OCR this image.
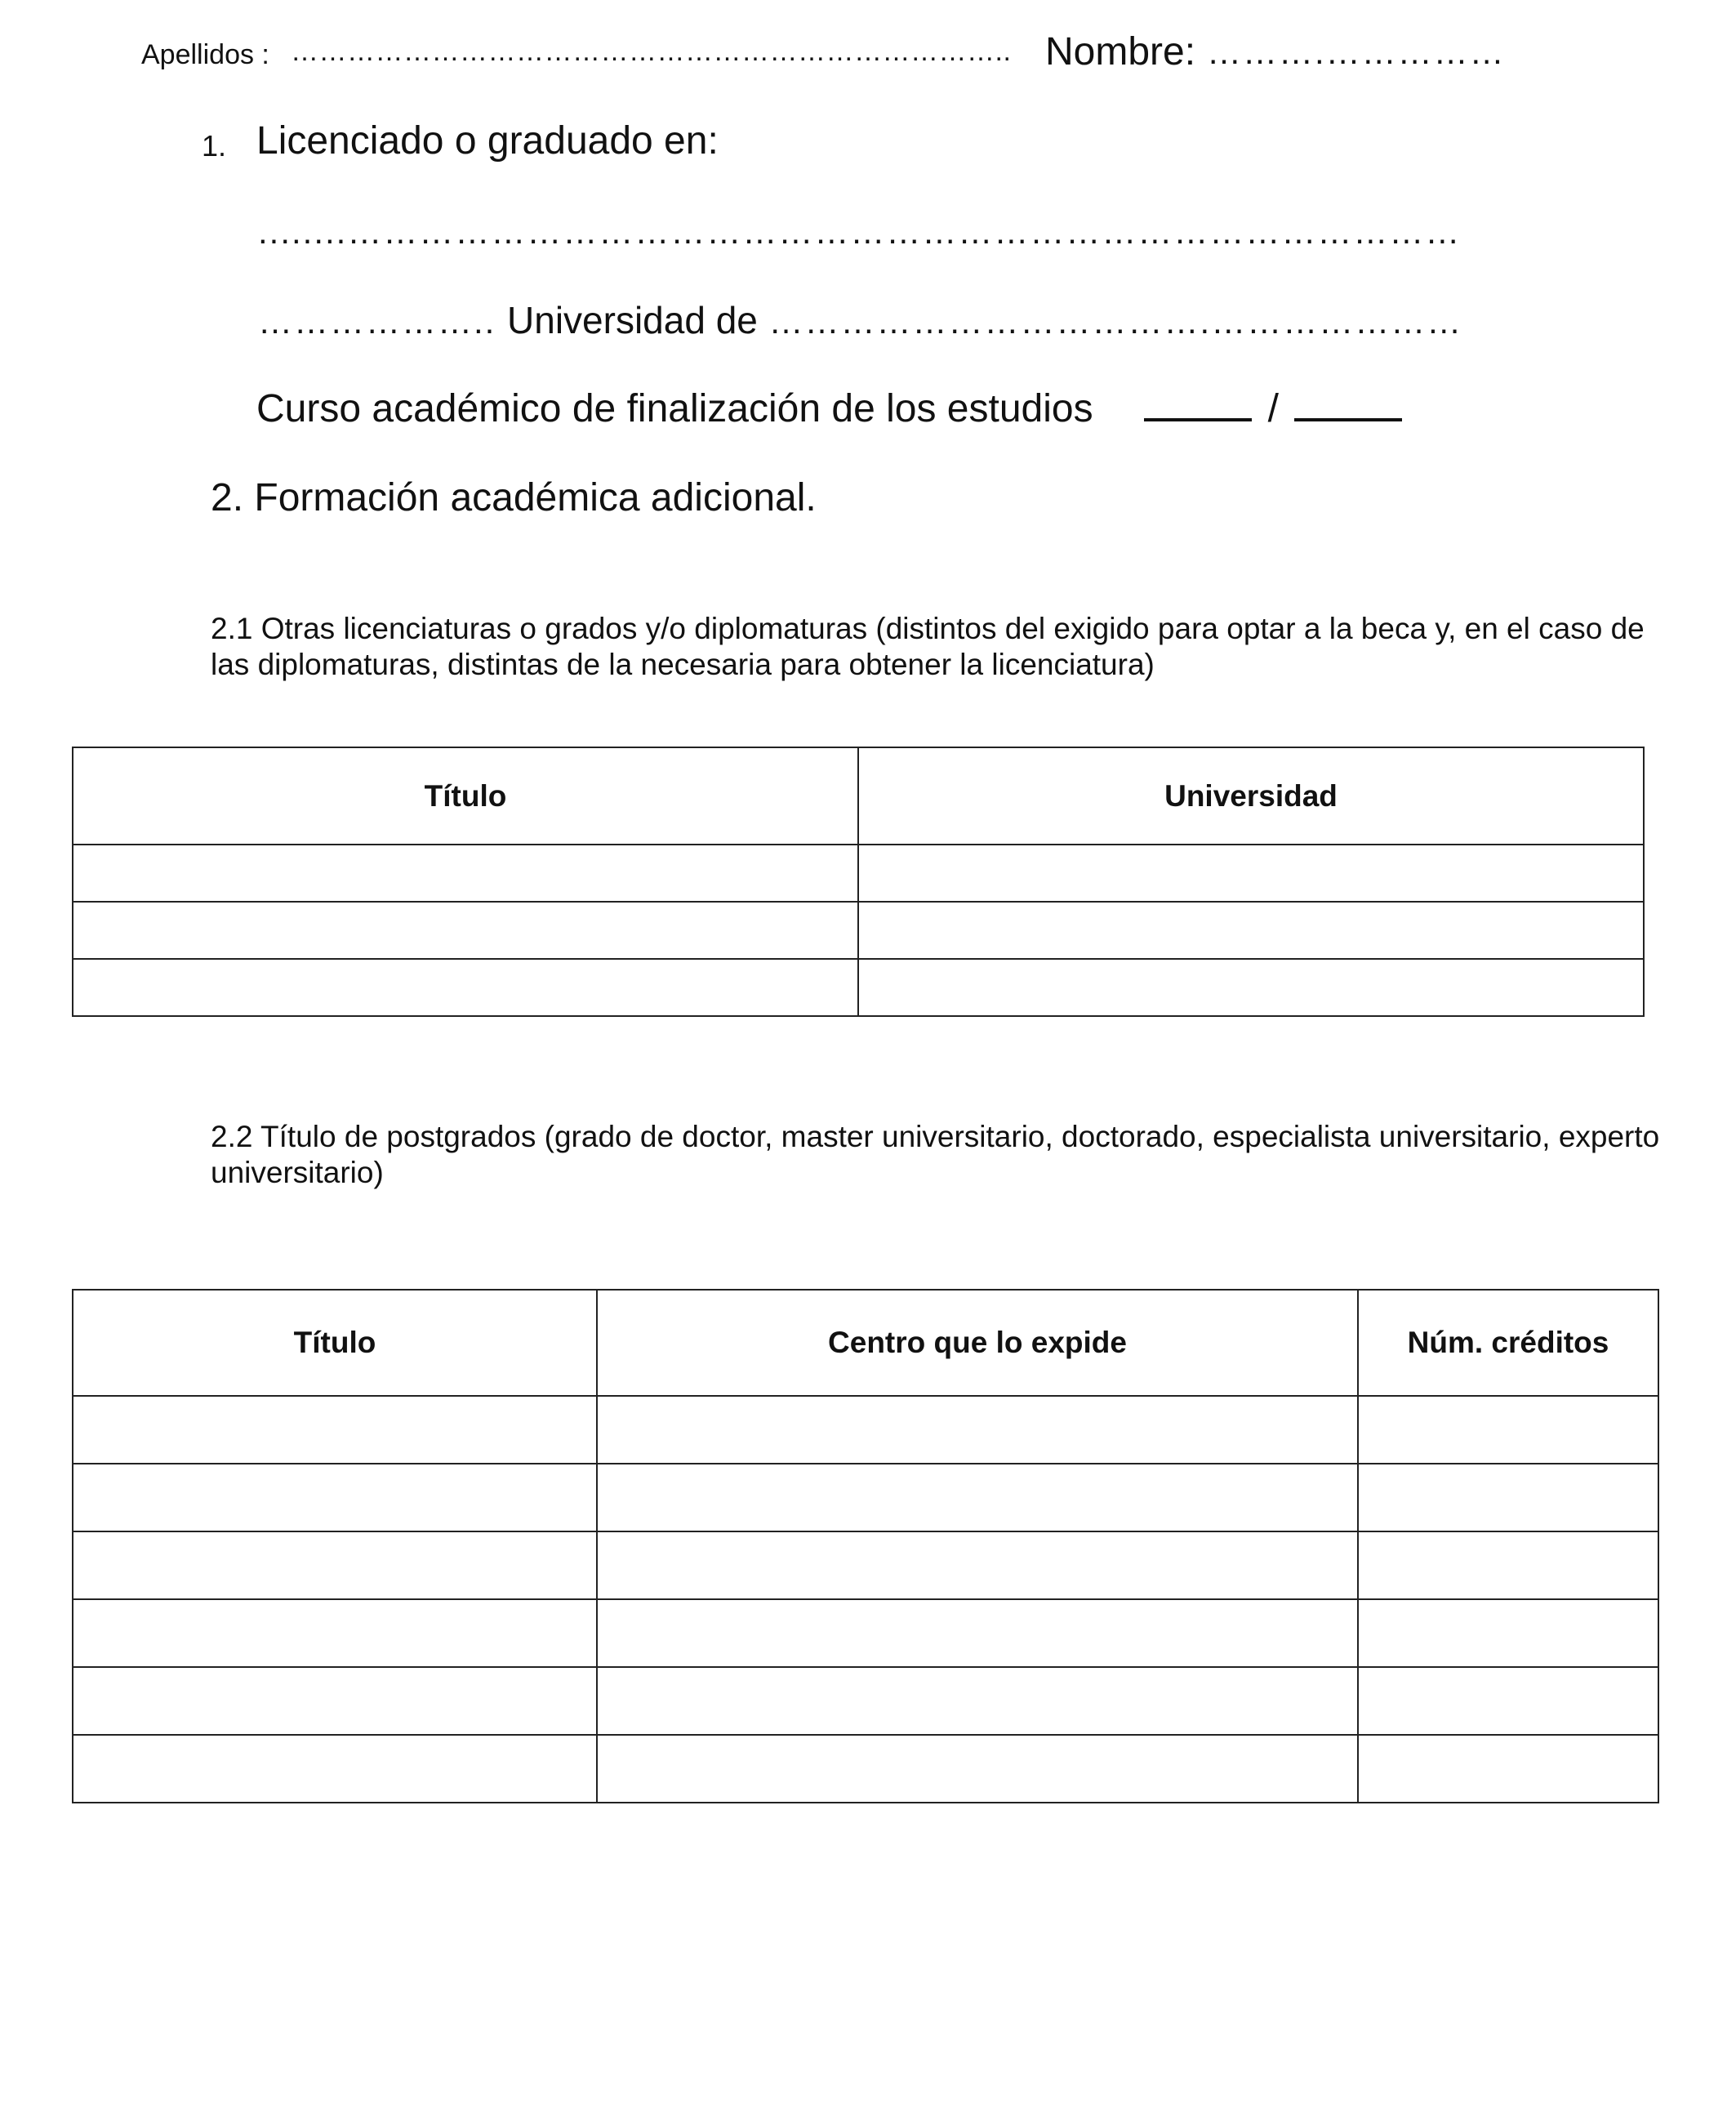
Apellidos : ………………………………………………………………….. Nombre: ……….……………
1. Licenciado o graduado en:
........…………………………………………………………………………………
……………….. Universidad de ……………………………….…………………
Curso académico de finalización de los estudios	/
2. Formación académica adicional.
2.1 Otras licenciaturas o grados y/o diplomaturas (distintos del exigido para optar a la beca y, en el caso de las diplomaturas, distintas de la necesaria para obtener la licenciatura)
Título	Universidad

2.2 Título de postgrados (grado de doctor, master universitario, doctorado, especialista universitario, experto universitario)
Título	Centro que lo expide	Núm. créditos
